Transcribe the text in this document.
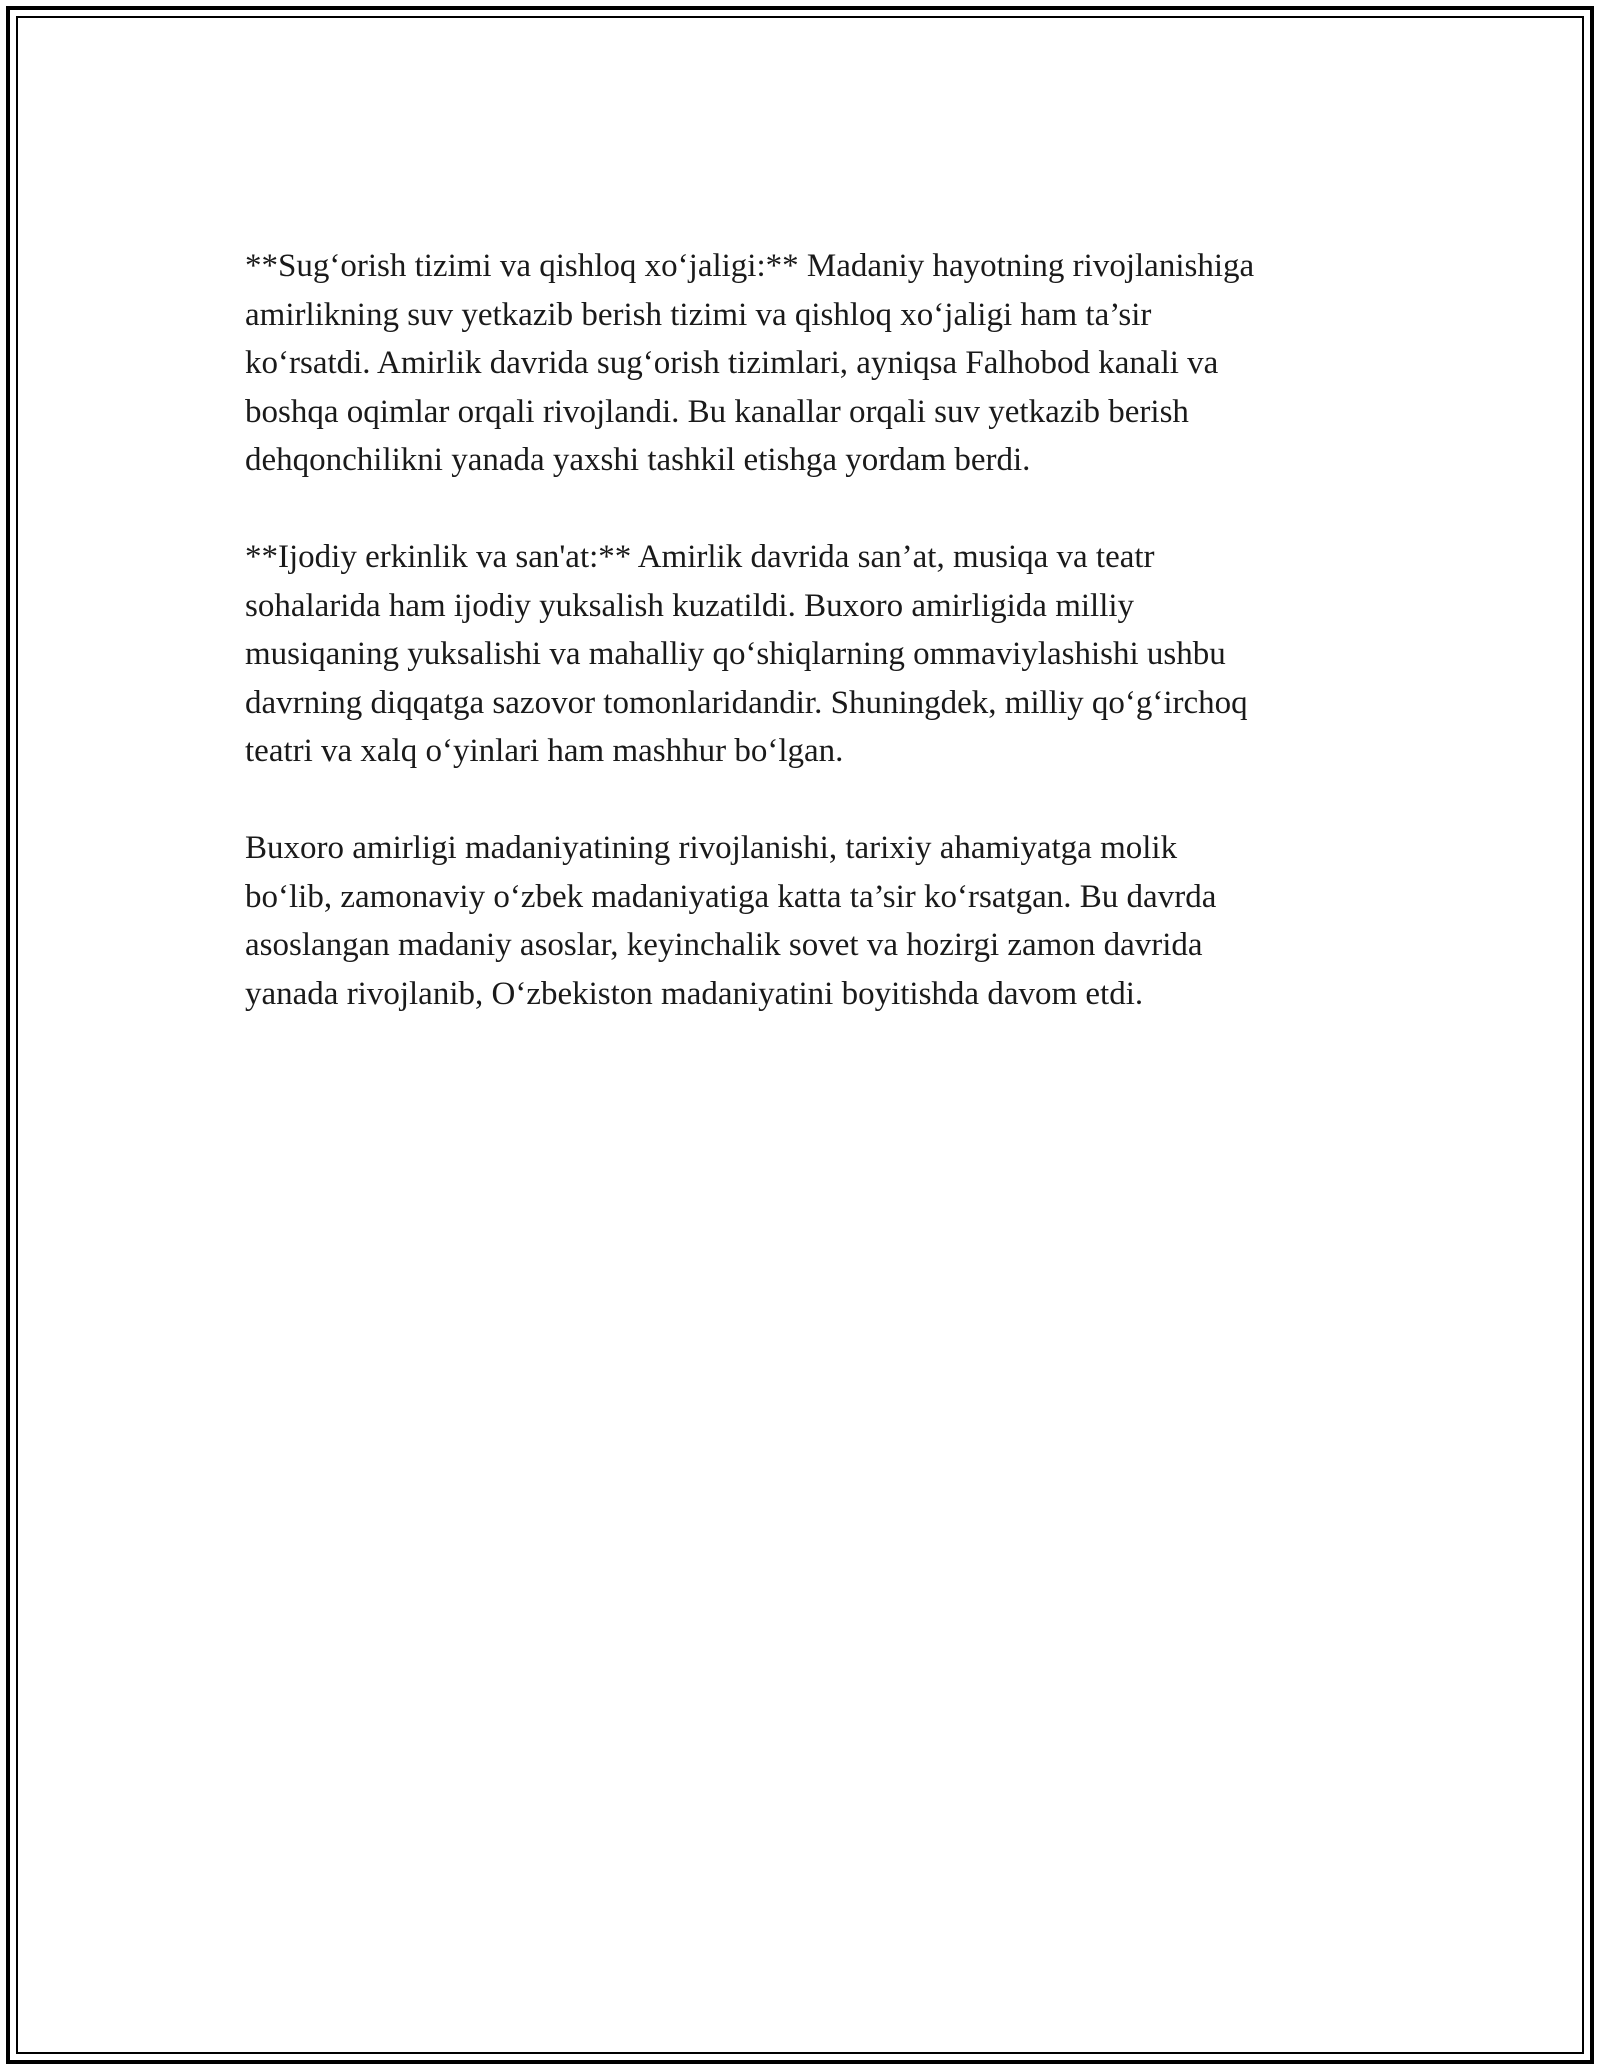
**Sug‘orish tizimi va qishloq xo‘jaligi:** Madaniy hayotning rivojlanishiga
amirlikning suv yetkazib berish tizimi va qishloq xo‘jaligi ham ta’sir
ko‘rsatdi. Amirlik davrida sug‘orish tizimlari, ayniqsa Falhobod kanali va
boshqa oqimlar orqali rivojlandi. Bu kanallar orqali suv yetkazib berish
dehqonchilikni yanada yaxshi tashkil etishga yordam berdi.

**Ijodiy erkinlik va san'at:** Amirlik davrida san’at, musiqa va teatr
sohalarida ham ijodiy yuksalish kuzatildi. Buxoro amirligida milliy
musiqaning yuksalishi va mahalliy qo‘shiqlarning ommaviylashishi ushbu
davrning diqqatga sazovor tomonlaridandir. Shuningdek, milliy qo‘g‘irchoq
teatri va xalq o‘yinlari ham mashhur bo‘lgan.

Buxoro amirligi madaniyatining rivojlanishi, tarixiy ahamiyatga molik
bo‘lib, zamonaviy o‘zbek madaniyatiga katta ta’sir ko‘rsatgan. Bu davrda
asoslangan madaniy asoslar, keyinchalik sovet va hozirgi zamon davrida
yanada rivojlanib, O‘zbekiston madaniyatini boyitishda davom etdi.
